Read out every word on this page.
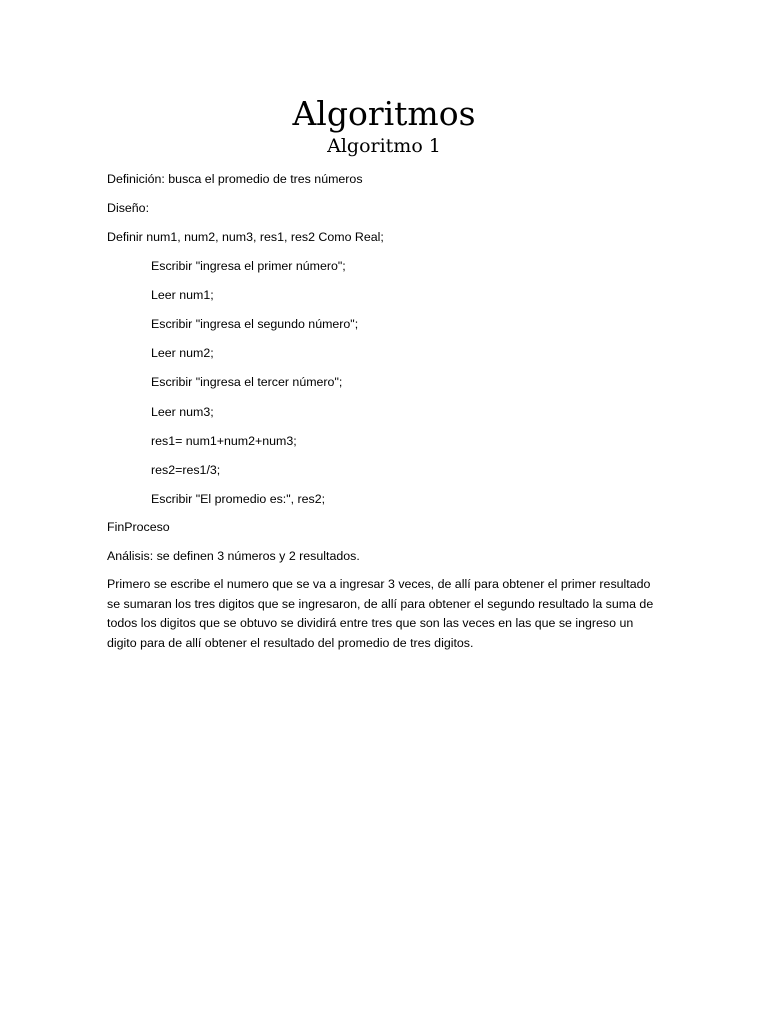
Algoritmos
Algoritmo 1
Definición: busca el promedio de tres números
Diseño:
Definir num1, num2, num3, res1, res2 Como Real;
Escribir "ingresa el primer número";
Leer num1;
Escribir "ingresa el segundo número";
Leer num2;
Escribir "ingresa el tercer número";
Leer num3;
res1= num1+num2+num3;
res2=res1/3;
Escribir "El promedio es:", res2;
FinProceso
Análisis: se definen 3 números y 2 resultados.
Primero se escribe el numero que se va a ingresar 3 veces, de allí para obtener el primer resultado
se sumaran los tres digitos que se ingresaron, de allí para obtener el segundo resultado la suma de
todos los digitos que se obtuvo se dividirá entre tres que son las veces en las que se ingreso un
digito para de allí obtener el resultado del promedio de tres digitos.
